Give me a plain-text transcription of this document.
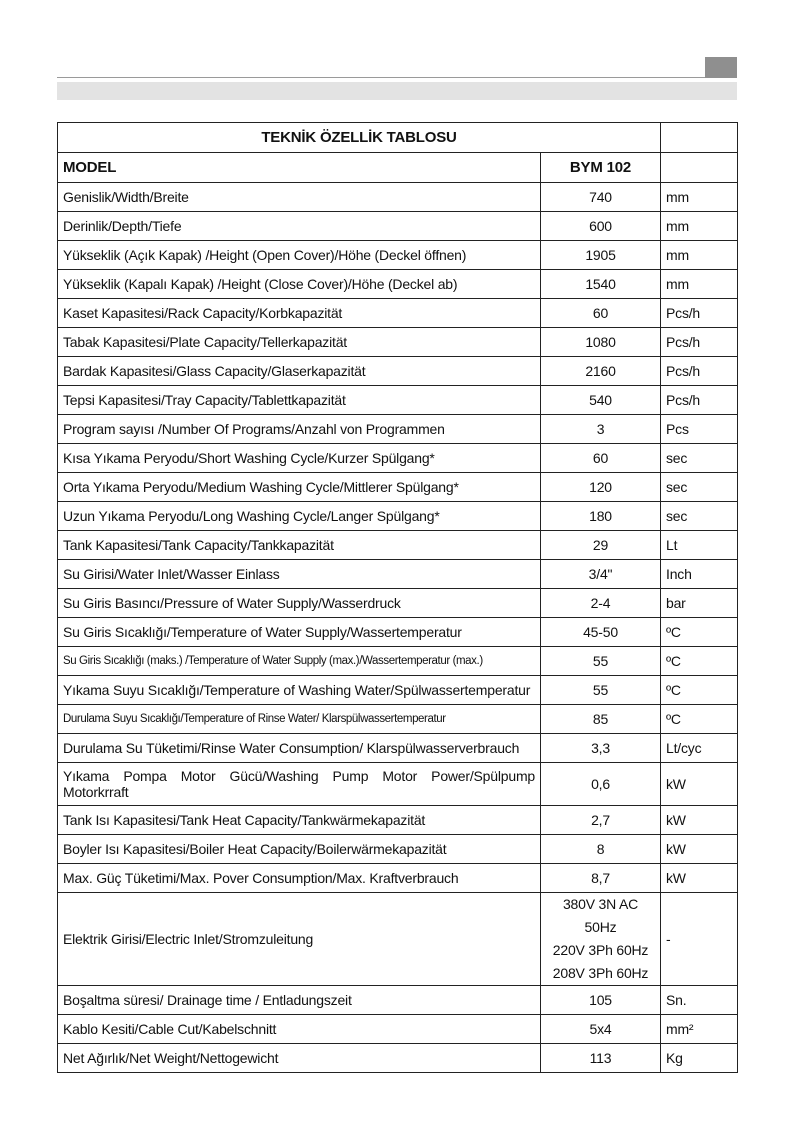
TEKNİK ÖZELLİK TABLOSU		
MODEL	BYM 102	
Genislik/Width/Breite	740	mm
Derinlik/Depth/Tiefe	600	mm
Yükseklik (Açık Kapak) /Height (Open Cover)/Höhe (Deckel öffnen)	1905	mm
Yükseklik (Kapalı Kapak) /Height (Close Cover)/Höhe (Deckel ab)	1540	mm
Kaset Kapasitesi/Rack Capacity/Korbkapazität	60	Pcs/h
Tabak Kapasitesi/Plate Capacity/Tellerkapazität	1080	Pcs/h
Bardak Kapasitesi/Glass Capacity/Glaserkapazität	2160	Pcs/h
Tepsi Kapasitesi/Tray Capacity/Tablettkapazität	540	Pcs/h
Program sayısı /Number Of Programs/Anzahl von Programmen	3	Pcs
Kısa Yıkama Peryodu/Short Washing Cycle/Kurzer Spülgang*	60	sec
Orta Yıkama Peryodu/Medium Washing Cycle/Mittlerer Spülgang*	120	sec
Uzun Yıkama Peryodu/Long Washing Cycle/Langer Spülgang*	180	sec
Tank Kapasitesi/Tank Capacity/Tankkapazität	29	Lt
Su Girisi/Water Inlet/Wasser Einlass	3/4"	Inch
Su Giris Basıncı/Pressure of Water Supply/Wasserdruck	2-4	bar
Su Giris Sıcaklığı/Temperature of Water Supply/Wassertemperatur	45-50	ºC
Su Giris Sıcaklığı (maks.) /Temperature of Water Supply (max.)/Wassertemperatur (max.)	55	ºC
Yıkama Suyu Sıcaklığı/Temperature of Washing Water/Spülwassertemperatur	55	ºC
Durulama Suyu Sıcaklığı/Temperature of Rinse Water/ Klarspülwassertemperatur	85	ºC
Durulama Su Tüketimi/Rinse Water Consumption/ Klarspülwasserverbrauch	3,3	Lt/cyc
Yıkama Pompa Motor Gücü/Washing Pump Motor Power/Spülpump Motorkrraft	0,6	kW
Tank Isı Kapasitesi/Tank Heat Capacity/Tankwärmekapazität	2,7	kW
Boyler Isı Kapasitesi/Boiler Heat Capacity/Boilerwärmekapazität	8	kW
Max. Güç Tüketimi/Max. Pover Consumption/Max. Kraftverbrauch	8,7	kW
Elektrik Girisi/Electric Inlet/Stromzuleitung	380V 3N AC 50Hz
220V 3Ph 60Hz
208V 3Ph 60Hz	-
Boşaltma süresi/ Drainage time / Entladungszeit	105	Sn.
Kablo Kesiti/Cable Cut/Kabelschnitt	5x4	mm²
Net Ağırlık/Net Weight/Nettogewicht	113	Kg
